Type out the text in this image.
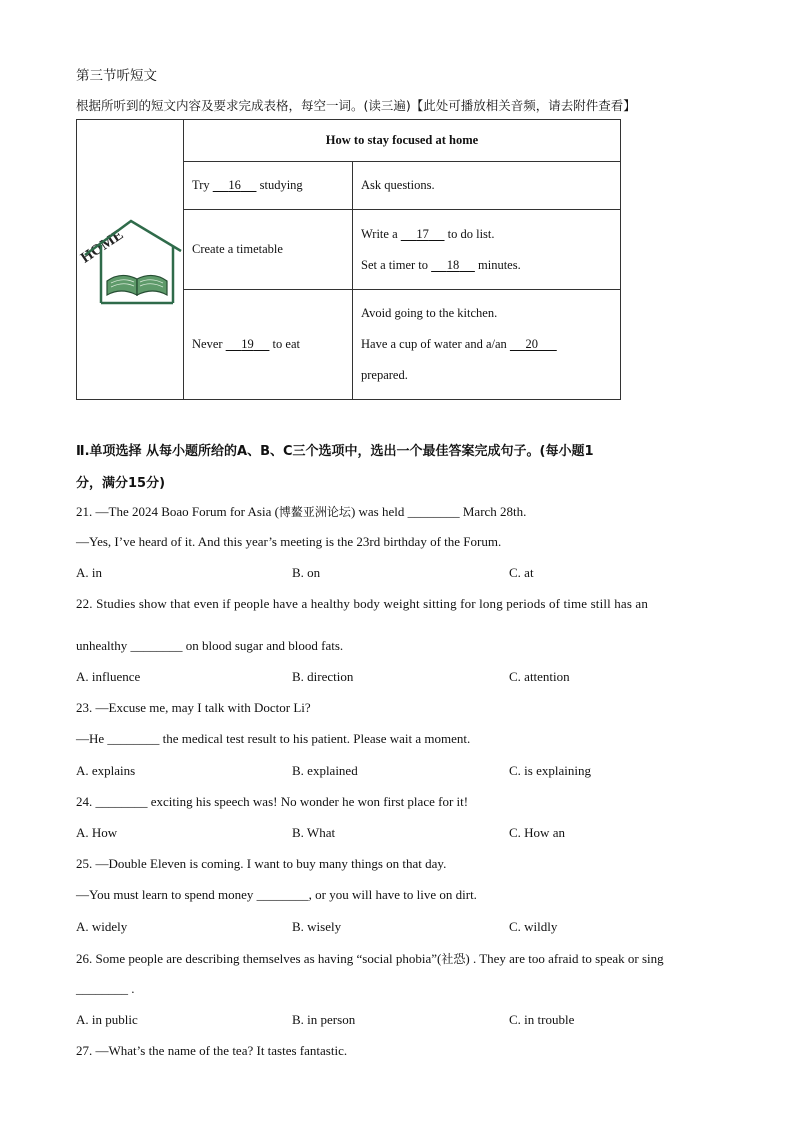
第三节听短文
根据所听到的短文内容及要求完成表格，每空一词。(读三遍)【此处可播放相关音频，请去附件查看】
HOME	How to stay focused at home	
	Try      16      studying	Ask questions.
	Create a timetable	Write a      17      to do list.
Set a timer to      18      minutes.

	Never      19      to eat	Avoid going to the kitchen.
Have a cup of water and a/an      20
prepared.
Ⅱ.单项选择 从每小题所给的A、B、C三个选项中，选出一个最佳答案完成句子。(每小题1
分，满分15分)
21. —The 2024 Boao Forum for Asia (博鳌亚洲论坛) was held ________ March 28th.
—Yes, I’ve heard of it. And this year’s meeting is the 23rd birthday of the Forum.
A. in	B. on	C. at
22. Studies show that even if people have a healthy body weight sitting for long periods of time still has an
unhealthy ________ on blood sugar and blood fats.
A. influence	B. direction	C. attention
23. —Excuse me, may I talk with Doctor Li?
—He ________ the medical test result to his patient. Please wait a moment.
A. explains	B. explained	C. is explaining
24. ________ exciting his speech was! No wonder he won first place for it!
A. How	B. What	C. How an
25. —Double Eleven is coming. I want to buy many things on that day.
—You must learn to spend money ________, or you will have to live on dirt.
A. widely	B. wisely	C. wildly
26. Some people are describing themselves as having “social phobia”(社恐) . They are too afraid to speak or sing
________ .
A. in public	B. in person	C. in trouble
27. —What’s the name of the tea? It tastes fantastic.
